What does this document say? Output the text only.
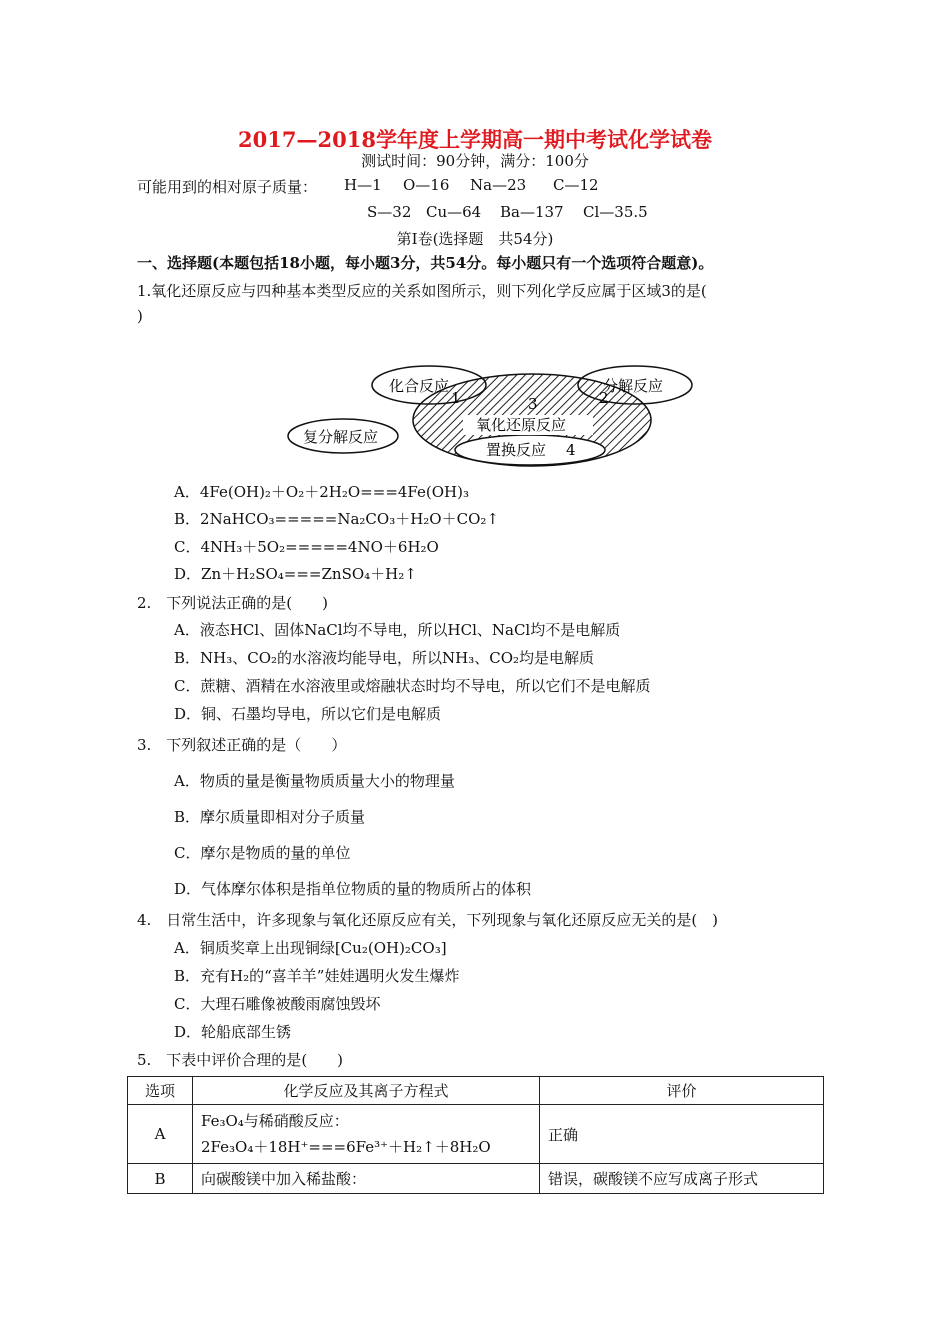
2017—2018学年度上学期高一期中考试化学试卷
测试时间：90分钟，满分：100分
可能用到的相对原子质量： H—1 O—16 Na—23 C—12
S—32 Cu—64 Ba—137 Cl—35.5
第Ⅰ卷(选择题　共54分)
一、选择题(本题包括18小题，每小题3分，共54分。每小题只有一个选项符合题意)。
1.氧化还原反应与四种基本类型反应的关系如图所示，则下列化学反应属于区域3的是(
)
化合反应	分解反应
复分解反应
氧化还原反应
置换反应 4
1	2
3
A．4Fe(OH)₂＋O₂＋2H₂O===4Fe(OH)₃
B．2NaHCO₃=====Na₂CO₃＋H₂O＋CO₂↑
C．4NH₃＋5O₂=====4NO＋6H₂O
D．Zn＋H₂SO₄===ZnSO₄＋H₂↑
2.　下列说法正确的是(　　)
A．液态HCl、固体NaCl均不导电，所以HCl、NaCl均不是电解质
B．NH₃、CO₂的水溶液均能导电，所以NH₃、CO₂均是电解质
C．蔗糖、酒精在水溶液里或熔融状态时均不导电，所以它们不是电解质
D．铜、石墨均导电，所以它们是电解质
3.　下列叙述正确的是（　　）
A．物质的量是衡量物质质量大小的物理量
B．摩尔质量即相对分子质量
C．摩尔是物质的量的单位
D．气体摩尔体积是指单位物质的量的物质所占的体积
4.　日常生活中，许多现象与氧化还原反应有关，下列现象与氧化还原反应无关的是(　)
A．铜质奖章上出现铜绿[Cu₂(OH)₂CO₃]
B．充有H₂的“喜羊羊”娃娃遇明火发生爆炸
C．大理石雕像被酸雨腐蚀毁坏
D．轮船底部生锈
5.　下表中评价合理的是(　　)
选项	化学反应及其离子方程式	评价
A	Fe₃O₄与稀硝酸反应：
2Fe₃O₄＋18H⁺===6Fe³⁺＋H₂↑＋8H₂O	正确
B	向碳酸镁中加入稀盐酸：	错误，碳酸镁不应写成离子形式
